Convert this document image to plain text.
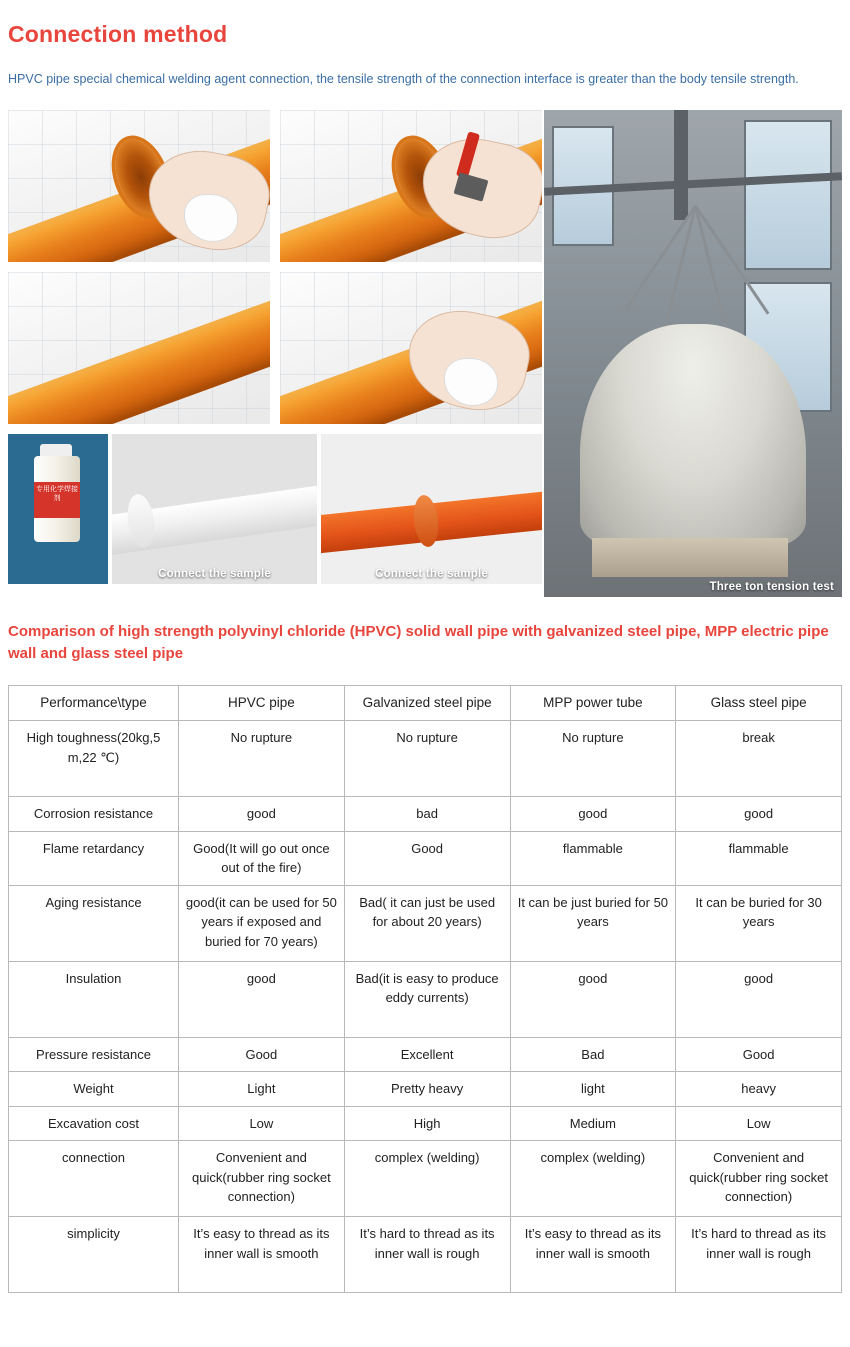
Connection method

HPVC pipe special chemical welding agent connection, the tensile strength of the connection interface is greater than the body tensile strength.

Three ton tension test
专用化学焊接剂
Connect the sample	Connect the sample
Comparison of high strength polyvinyl chloride (HPVC) solid wall pipe with galvanized steel pipe, MPP electric pipe wall and glass steel pipe
Performance\type	HPVC pipe	Galvanized steel pipe	MPP power tube	Glass steel pipe
High toughness(20kg,5 m,22 ℃)	No rupture	No rupture	No rupture	break
Corrosion resistance	good	bad	good	good
Flame retardancy	Good(It will go out once out of the fire)	Good	flammable	flammable
Aging resistance	good(it can be used for 50 years if exposed and buried for 70 years)	Bad( it can just be used for about 20 years)	It can be just buried for 50 years	It can be buried for 30 years
Insulation	good	Bad(it is easy to produce eddy currents)	good	good
Pressure resistance	Good	Excellent	Bad	Good
Weight	Light	Pretty heavy	light	heavy
Excavation cost	Low	High	Medium	Low
connection	Convenient and quick(rubber ring socket connection)	complex (welding)	complex (welding)	Convenient and quick(rubber ring socket connection)
simplicity	It’s easy to thread as its inner wall is smooth	It’s hard to thread as its inner wall is rough	It’s easy to thread as its inner wall is smooth	It’s hard to thread as its inner wall is rough
